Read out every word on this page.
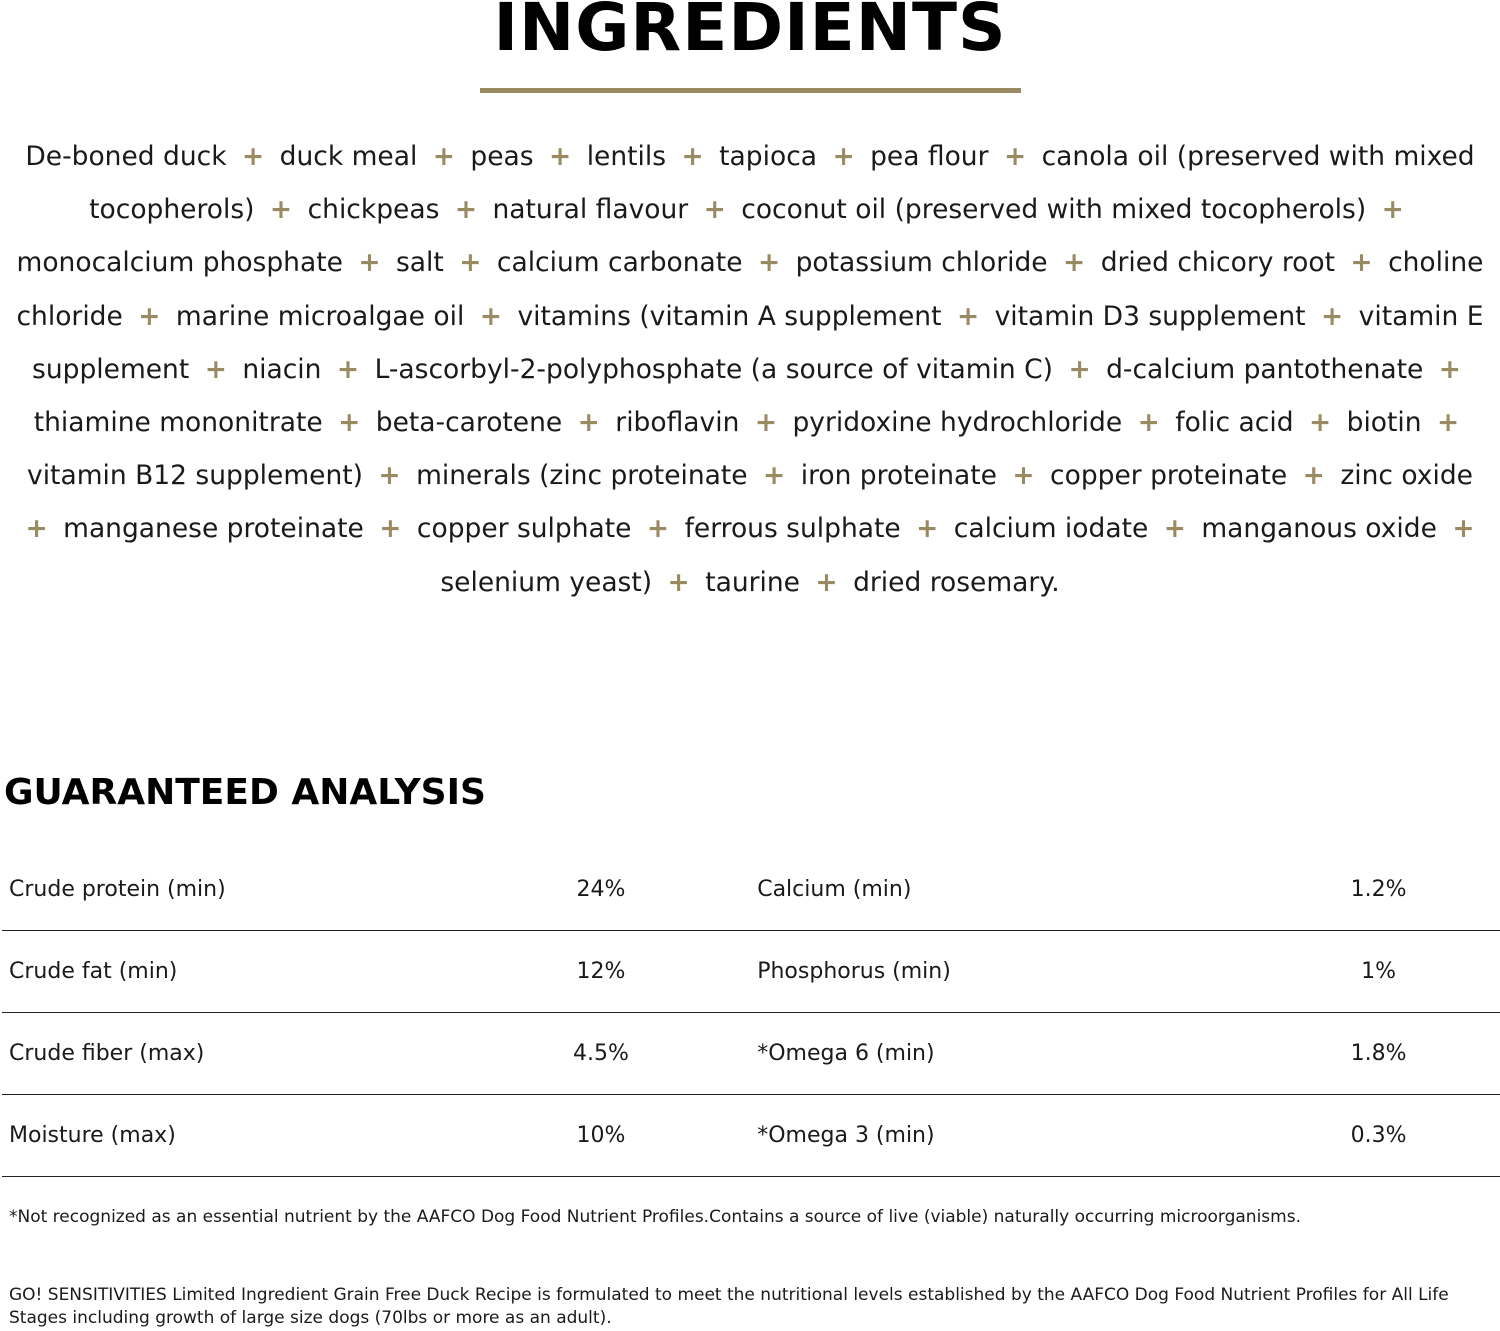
INGREDIENTS

De-boned duck + duck meal + peas + lentils + tapioca + pea flour + canola oil (preserved with mixed tocopherols) + chickpeas + natural flavour + coconut oil (preserved with mixed tocopherols) + monocalcium phosphate + salt + calcium carbonate + potassium chloride + dried chicory root + choline chloride + marine microalgae oil + vitamins (vitamin A supplement + vitamin D3 supplement + vitamin E supplement + niacin + L-ascorbyl-2-polyphosphate (a source of vitamin C) + d-calcium pantothenate + thiamine mononitrate + beta-carotene + riboflavin + pyridoxine hydrochloride + folic acid + biotin + vitamin B12 supplement) + minerals (zinc proteinate + iron proteinate + copper proteinate + zinc oxide + manganese proteinate + copper sulphate + ferrous sulphate + calcium iodate + manganous oxide + selenium yeast) + taurine + dried rosemary.

GUARANTEED ANALYSIS
Crude protein (min)	24%		Calcium (min)	1.2%
Crude fat (min)	12%		Phosphorus (min)	1%
Crude fiber (max)	4.5%		*Omega 6 (min)	1.8%
Moisture (max)	10%		*Omega 3 (min)	0.3%

*Not recognized as an essential nutrient by the AAFCO Dog Food Nutrient Profiles.Contains a source of live (viable) naturally occurring microorganisms.

GO! SENSITIVITIES Limited Ingredient Grain Free Duck Recipe is formulated to meet the nutritional levels established by the AAFCO Dog Food Nutrient Profiles for All Life Stages including growth of large size dogs (70lbs or more as an adult).
